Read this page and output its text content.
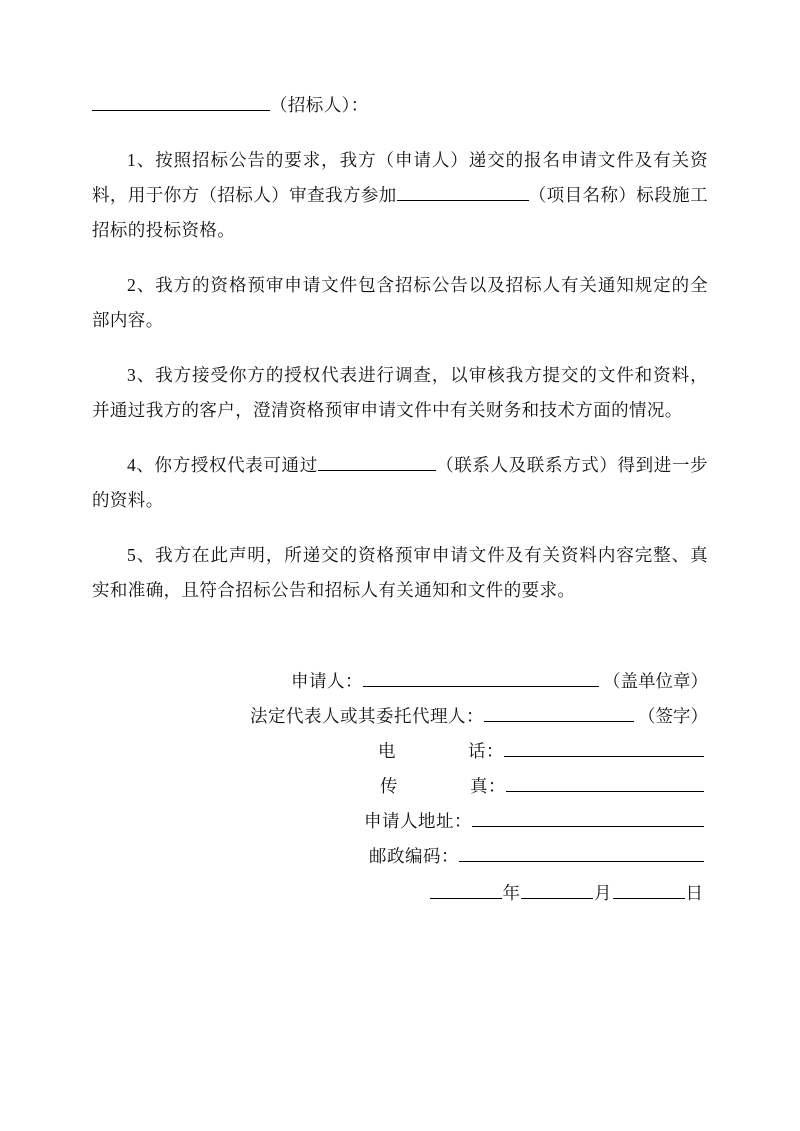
（招标人）：

1、按照招标公告的要求，我方（申请人）递交的报名申请文件及有关资料，用于你方（招标人）审查我方参加	（项目名称）标段施工招标的投标资格。

2、我方的资格预审申请文件包含招标公告以及招标人有关通知规定的全部内容。

3、我方接受你方的授权代表进行调查，以审核我方提交的文件和资料，并通过我方的客户，澄清资格预审申请文件中有关财务和技术方面的情况。

4、你方授权代表可通过	（联系人及联系方式）得到进一步的资料。

5、我方在此声明，所递交的资格预审申请文件及有关资料内容完整、真实和准确，且符合招标公告和招标人有关通知和文件的要求。

申请人：	（盖单位章）
法定代表人或其委托代理人：	（签字）
电　　　　话：
传　　　　真：
申请人地址：
邮政编码：
年	月	日
